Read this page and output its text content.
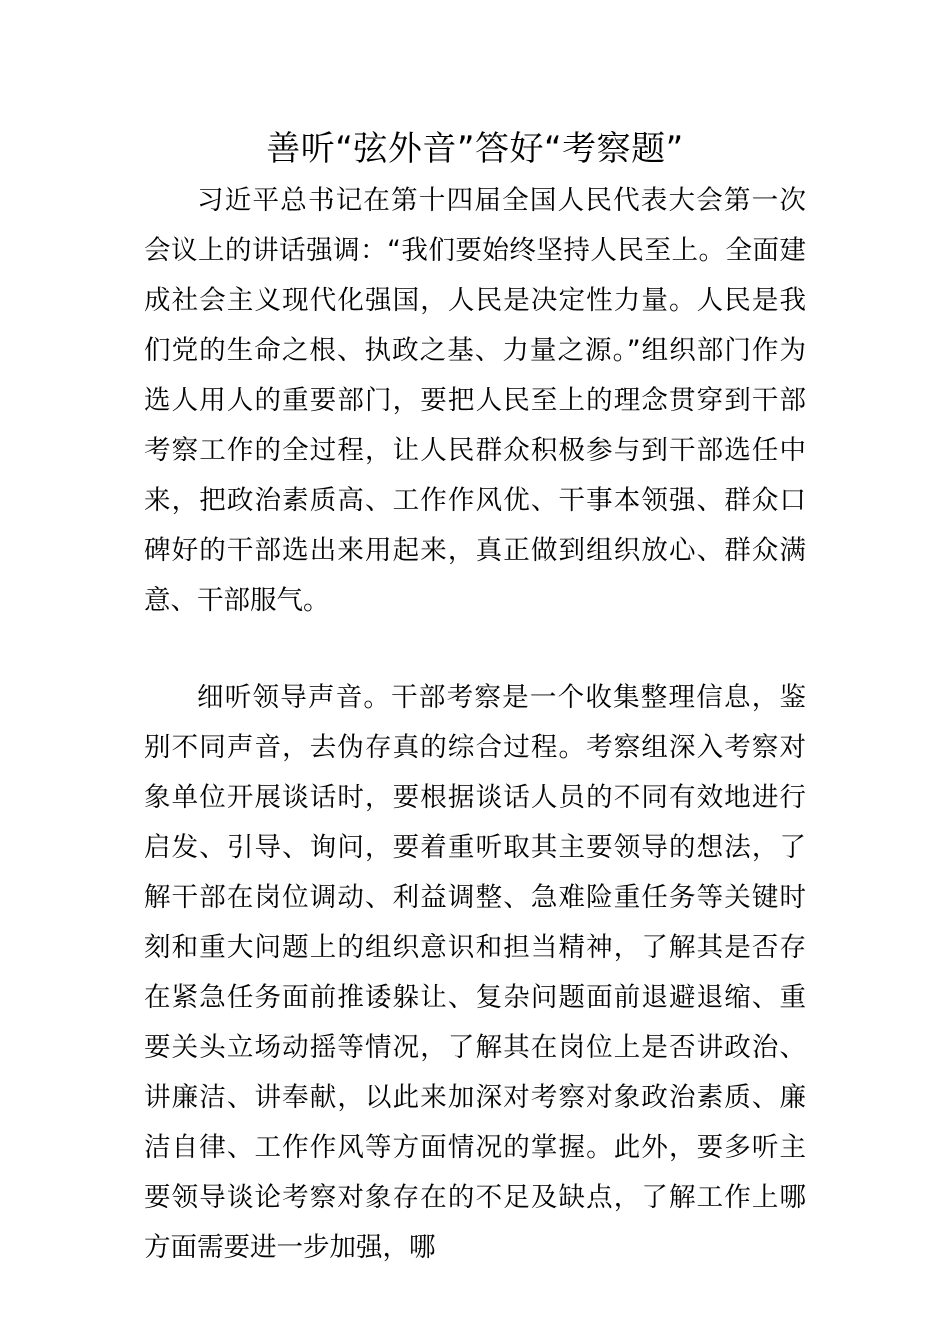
善听“弦外音”答好“考察题”

习近平总书记在第十四届全国人民代表大会第一次会议上的讲话强调：“我们要始终坚持人民至上。全面建成社会主义现代化强国，人民是决定性力量。人民是我们党的生命之根、执政之基、力量之源。”组织部门作为选人用人的重要部门，要把人民至上的理念贯穿到干部考察工作的全过程，让人民群众积极参与到干部选任中来，把政治素质高、工作作风优、干事本领强、群众口碑好的干部选出来用起来，真正做到组织放心、群众满意、干部服气。

细听领导声音。干部考察是一个收集整理信息，鉴别不同声音，去伪存真的综合过程。考察组深入考察对象单位开展谈话时，要根据谈话人员的不同有效地进行启发、引导、询问，要着重听取其主要领导的想法，了解干部在岗位调动、利益调整、急难险重任务等关键时刻和重大问题上的组织意识和担当精神，了解其是否存在紧急任务面前推诿躲让、复杂问题面前退避退缩、重要关头立场动摇等情况，了解其在岗位上是否讲政治、讲廉洁、讲奉献，以此来加深对考察对象政治素质、廉洁自律、工作作风等方面情况的掌握。此外，要多听主要领导谈论考察对象存在的不足及缺点，了解工作上哪方面需要进一步加强，哪
